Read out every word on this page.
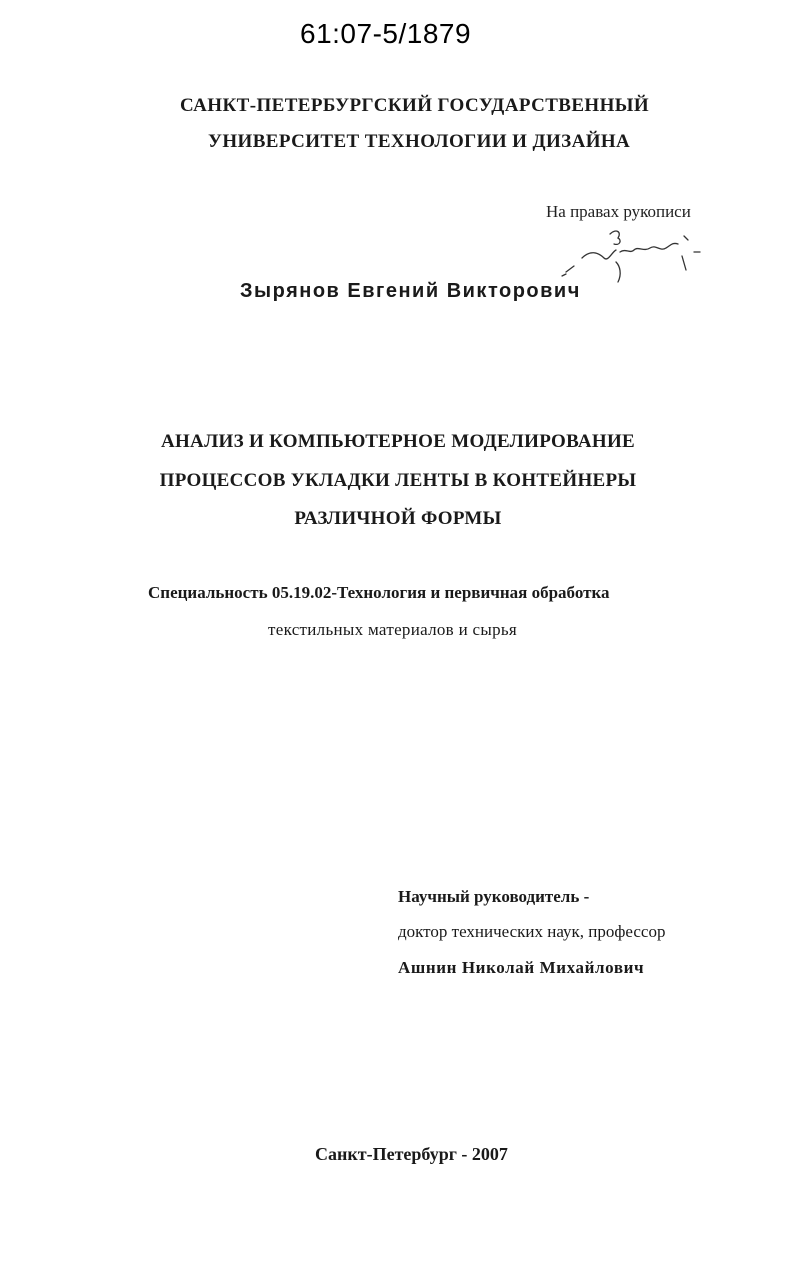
61:07-5/1879
САНКТ-ПЕТЕРБУРГСКИЙ ГОСУДАРСТВЕННЫЙ
УНИВЕРСИТЕТ ТЕХНОЛОГИИ И ДИЗАЙНА
На правах рукописи
Зырянов Евгений Викторович
АНАЛИЗ И КОМПЬЮТЕРНОЕ МОДЕЛИРОВАНИЕ
ПРОЦЕССОВ УКЛАДКИ ЛЕНТЫ В КОНТЕЙНЕРЫ
РАЗЛИЧНОЙ ФОРМЫ
Специальность 05.19.02-Технология и первичная обработка
текстильных материалов и сырья
Научный руководитель -
доктор технических наук, профессор
Ашнин Николай Михайлович
Санкт-Петербург - 2007
